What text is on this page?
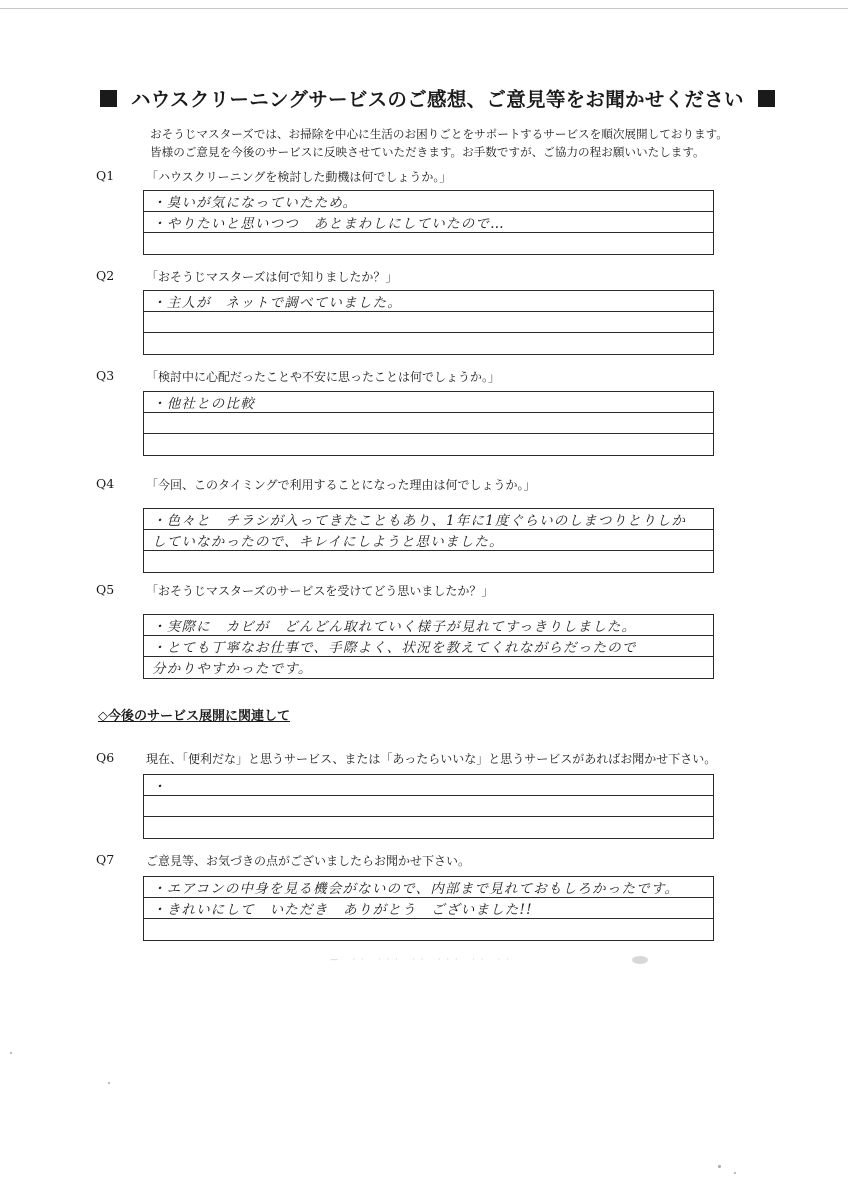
ハウスクリーニングサービスのご感想、ご意見等をお聞かせください
おそうじマスターズでは、お掃除を中心に生活のお困りごとをサポートするサービスを順次展開しております。
皆様のご意見を今後のサービスに反映させていただきます。お手数ですが、ご協力の程お願いいたします。
Q1	「ハウスクリーニングを検討した動機は何でしょうか。」
・臭いが気になっていたため。
・やりたいと思いつつ　あとまわしにしていたので…
Q2	「おそうじマスターズは何で知りましたか？」
・主人が　ネットで調べていました。
Q3	「検討中に心配だったことや不安に思ったことは何でしょうか。」
・他社との比較
Q4	「今回、このタイミングで利用することになった理由は何でしょうか。」
・色々と　チラシが入ってきたこともあり、1年に1度ぐらいのしまつりとりしか
していなかったので、キレイにしようと思いました。
Q5	「おそうじマスターズのサービスを受けてどう思いましたか？」
・実際に　カビが　どんどん取れていく様子が見れてすっきりしました。
・とても丁寧なお仕事で、手際よく、状況を教えてくれながらだったので
分かりやすかったです。
◇今後のサービス展開に関連して
Q6	現在、「便利だな」と思うサービス、または「あったらいいな」と思うサービスがあればお聞かせ下さい。
・
Q7	ご意見等、お気づきの点がございましたらお聞かせ下さい。
・エアコンの中身を見る機会がないので、内部まで見れておもしろかったです。
・きれいにして　いただき　ありがとう　ございました!!
— ·· ··· ·· ··· ·· ··
